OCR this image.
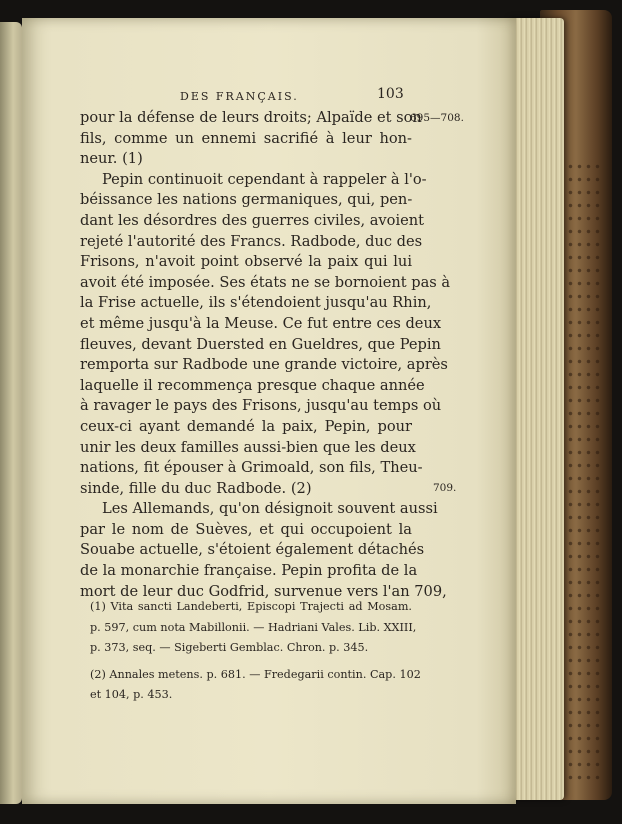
DES FRANÇAIS.	103
695—708.
709.
pour la défense de leurs droits; Alpaïde et son
fils, comme un ennemi sacrifié à leur hon-
neur. (1)
Pepin continuoit cependant à rappeler à l'o-
béissance les nations germaniques, qui, pen-
dant les désordres des guerres civiles, avoient
rejeté l'autorité des Francs. Radbode, duc des
Frisons, n'avoit point observé la paix qui lui
avoit été imposée. Ses états ne se bornoient pas à
la Frise actuelle, ils s'étendoient jusqu'au Rhin,
et même jusqu'à la Meuse. Ce fut entre ces deux
fleuves, devant Duersted en Gueldres, que Pepin
remporta sur Radbode une grande victoire, après
laquelle il recommença presque chaque année
à ravager le pays des Frisons, jusqu'au temps où
ceux-ci ayant demandé la paix, Pepin, pour
unir les deux familles aussi-bien que les deux
nations, fit épouser à Grimoald, son fils, Theu-
sinde, fille du duc Radbode. (2)
Les Allemands, qu'on désignoit souvent aussi
par le nom de Suèves, et qui occupoient la
Souabe actuelle, s'étoient également détachés
de la monarchie française. Pepin profita de la
mort de leur duc Godfrid, survenue vers l'an 709,
(1) Vita sancti Landeberti, Episcopi Trajecti ad Mosam.
p. 597, cum nota Mabillonii. — Hadriani Vales. Lib. XXIII,
p. 373, seq. — Sigeberti Gemblac. Chron. p. 345.
(2) Annales metens. p. 681. — Fredegarii contin. Cap. 102
et 104, p. 453.
